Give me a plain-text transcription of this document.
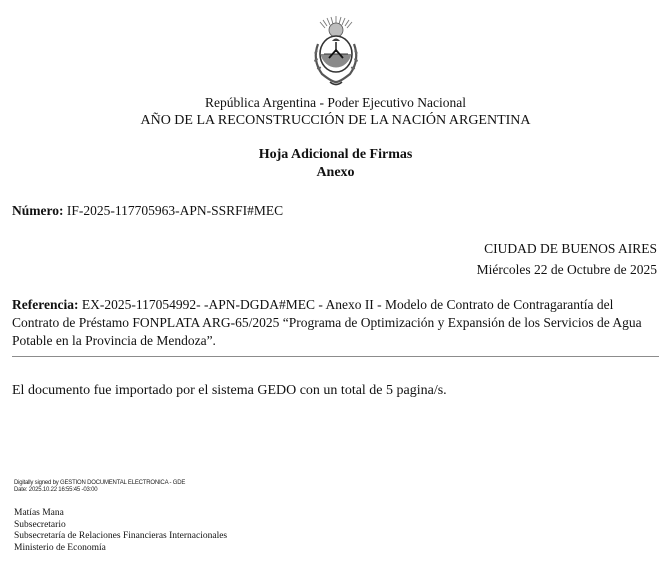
República Argentina - Poder Ejecutivo Nacional
AÑO DE LA RECONSTRUCCIÓN DE LA NACIÓN ARGENTINA
Hoja Adicional de Firmas
Anexo
Número: IF-2025-117705963-APN-SSRFI#MEC
CIUDAD DE BUENOS AIRES
Miércoles 22 de Octubre de 2025
Referencia: EX-2025-117054992- -APN-DGDA#MEC - Anexo II - Modelo de Contrato de Contragarantía del Contrato de Préstamo FONPLATA ARG-65/2025 “Programa de Optimización y Expansión de los Servicios de Agua Potable en la Provincia de Mendoza”.
El documento fue importado por el sistema GEDO con un total de 5 pagina/s.
Digitally signed by GESTION DOCUMENTAL ELECTRONICA - GDE
Date: 2025.10.22 16:55:45 -03:00
Matías Mana
Subsecretario
Subsecretaría de Relaciones Financieras Internacionales
Ministerio de Economía
